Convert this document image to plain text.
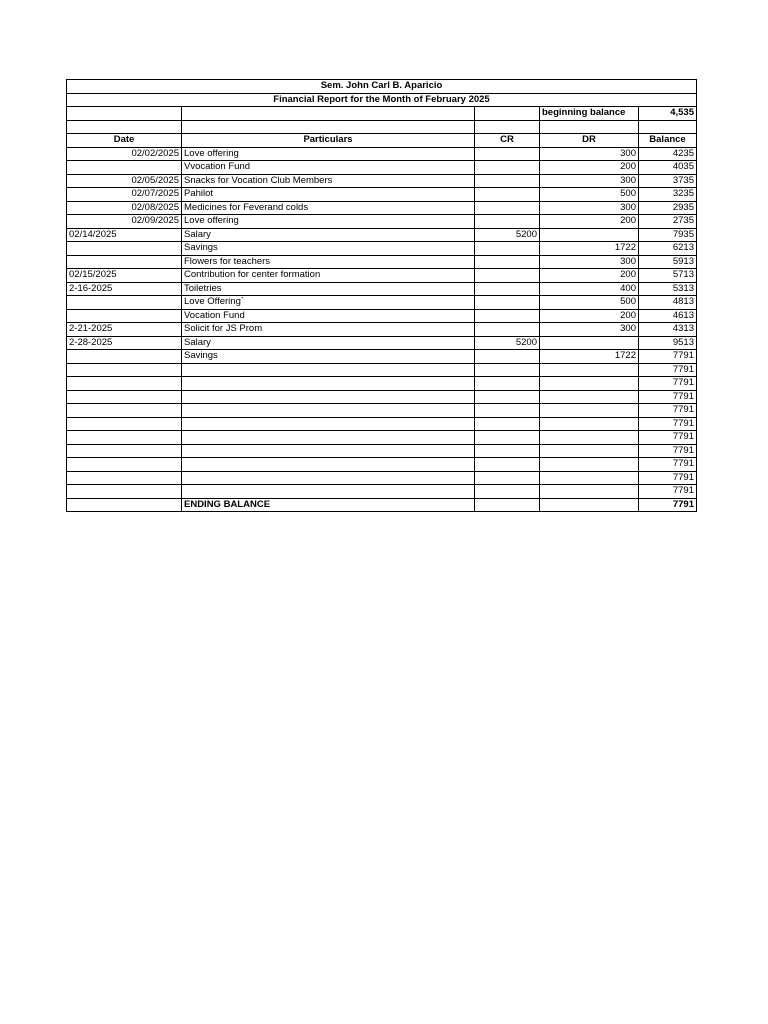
Sem. John Carl B. Aparicio				
Financial Report for the Month of February 2025				
			beginning balance	4,535

Date	Particulars	CR	DR	Balance
02/02/2025	Love offering		300	4235
	Vvocation Fund		200	4035
02/05/2025	Snacks for Vocation Club Members		300	3735
02/07/2025	Pahilot		500	3235
02/08/2025	Medicines for Feverand colds		300	2935
02/09/2025	Love offering		200	2735
02/14/2025	Salary	5200		7935
	Savings		1722	6213
	Flowers for teachers		300	5913
02/15/2025	Contribution for center formation		200	5713
2-16-2025	Toiletries		400	5313
	Love Offering`		500	4813
	Vocation Fund		200	4613
2-21-2025	Solicit for JS Prom		300	4313
2-28-2025	Salary	5200		9513
	Savings		1722	7791
				7791
				7791
				7791
				7791
				7791
				7791
				7791
				7791
				7791
				7791
	ENDING BALANCE			7791
